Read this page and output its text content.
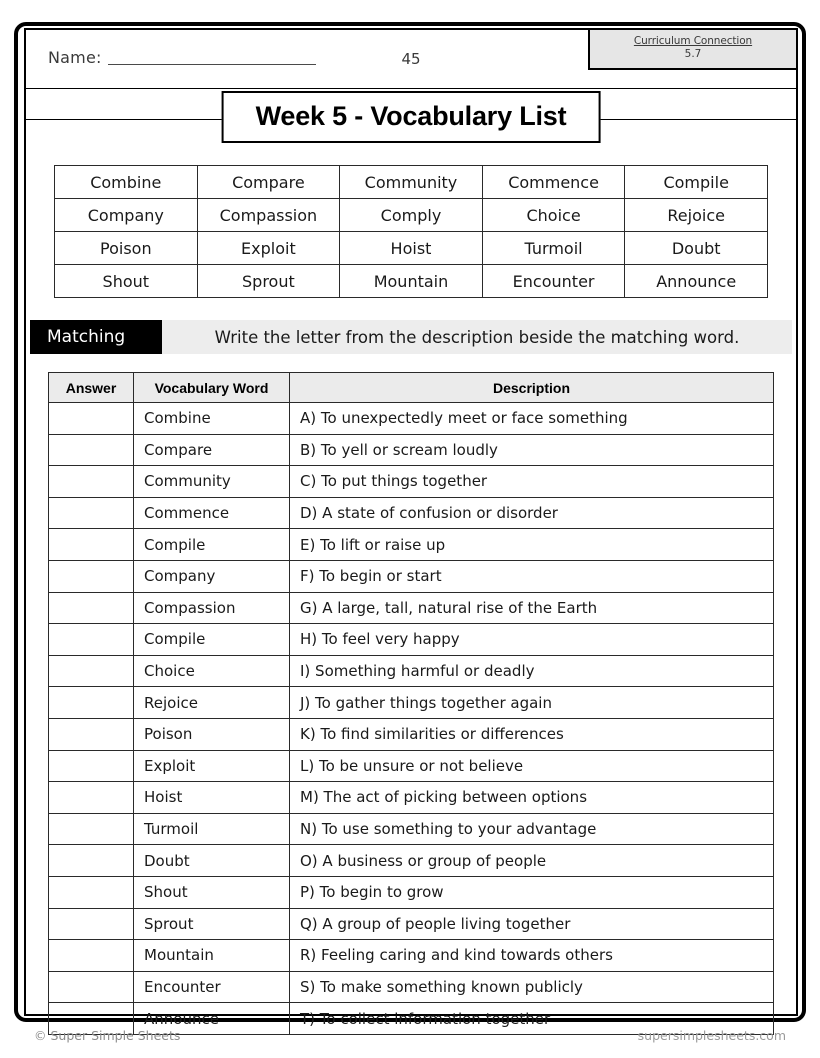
Name:	45
Curriculum Connection
5.7
Week 5 - Vocabulary List
Combine	Compare	Community	Commence	Compile
Company	Compassion	Comply	Choice	Rejoice
Poison	Exploit	Hoist	Turmoil	Doubt
Shout	Sprout	Mountain	Encounter	Announce
Matching	Write the letter from the description beside the matching word.
Answer	Vocabulary Word	Description
	Combine	A) To unexpectedly meet or face something
	Compare	B) To yell or scream loudly
	Community	C) To put things together
	Commence	D) A state of confusion or disorder
	Compile	E) To lift or raise up
	Company	F) To begin or start
	Compassion	G) A large, tall, natural rise of the Earth
	Compile	H) To feel very happy
	Choice	I) Something harmful or deadly
	Rejoice	J) To gather things together again
	Poison	K) To find similarities or differences
	Exploit	L) To be unsure or not believe
	Hoist	M) The act of picking between options
	Turmoil	N) To use something to your advantage
	Doubt	O) A business or group of people
	Shout	P) To begin to grow
	Sprout	Q) A group of people living together
	Mountain	R) Feeling caring and kind towards others
	Encounter	S) To make something known publicly
	Announce	T) To collect information together
© Super Simple Sheets	supersimplesheets.com
